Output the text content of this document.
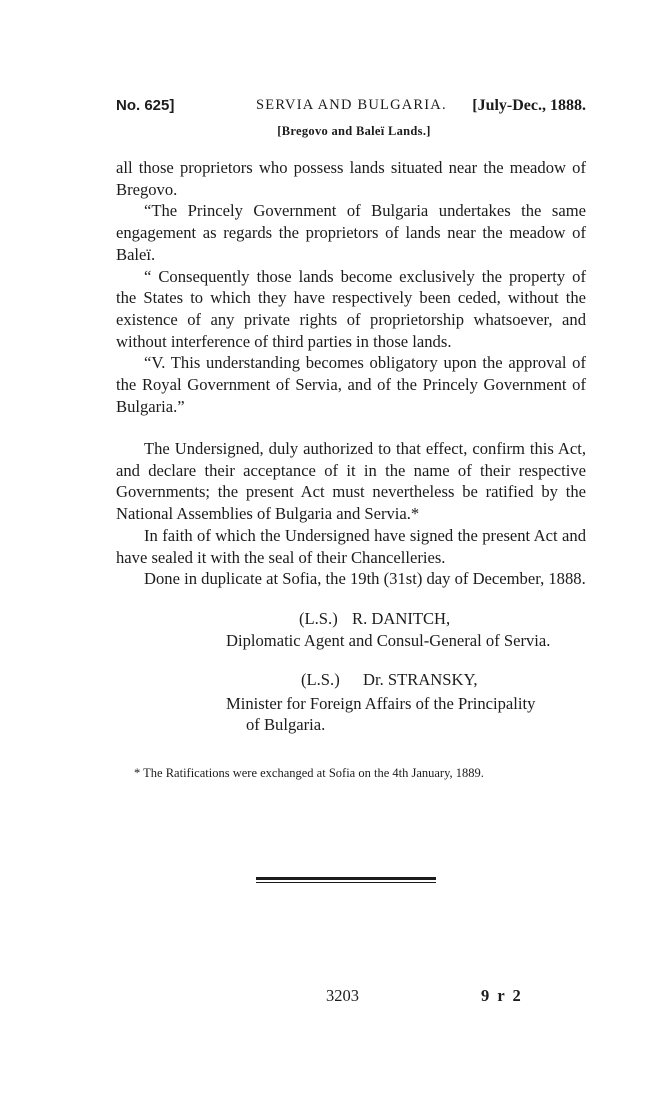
No. 625]	SERVIA AND BULGARIA. [July-Dec., 1888.
[Bregovo and Baleï Lands.]

all those proprietors who possess lands situated near the meadow of Bregovo.

“The Princely Government of Bulgaria undertakes the same engagement as regards the proprietors of lands near the meadow of Baleï.

“ Consequently those lands become exclusively the property of the States to which they have respectively been ceded, without the existence of any private rights of proprietorship whatsoever, and without interference of third parties in those lands.

“V. This understanding becomes obligatory upon the approval of the Royal Government of Servia, and of the Princely Government of Bulgaria.”

The Undersigned, duly authorized to that effect, confirm this Act, and declare their acceptance of it in the name of their respective Governments; the present Act must nevertheless be ratified by the National Assemblies of Bulgaria and Servia.*

In faith of which the Undersigned have signed the present Act and have sealed it with the seal of their Chancelleries.

Done in duplicate at Sofia, the 19th (31st) day of December, 1888.

(L.S.) R. DANITCH,
Diplomatic Agent and Consul-General of Servia.
(L.S.) Dr. STRANSKY,
Minister for Foreign Affairs of the Principality
of Bulgaria.
* The Ratifications were exchanged at Sofia on the 4th January, 1889.
3203	9 r 2
